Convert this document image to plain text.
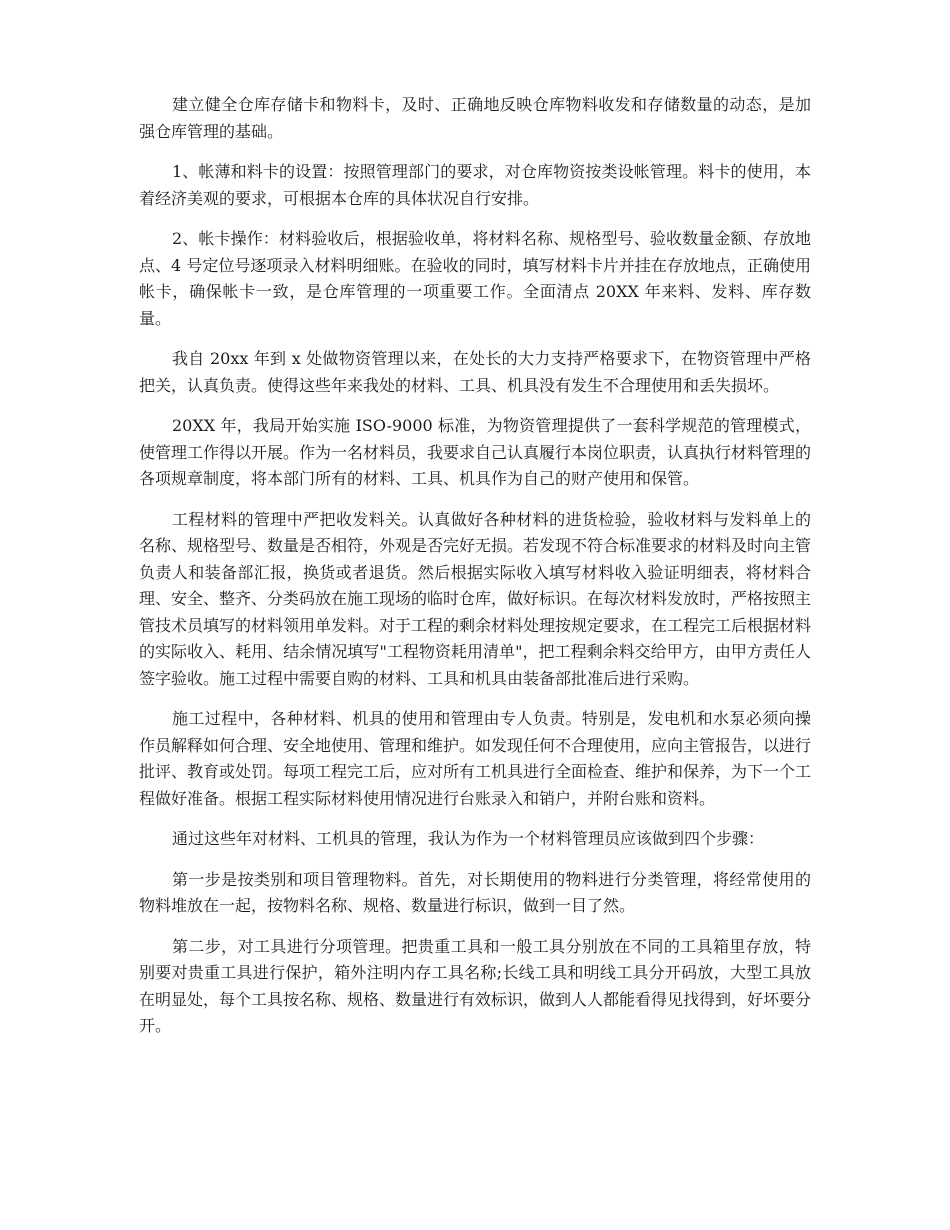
建立健全仓库存储卡和物料卡，及时、正确地反映仓库物料收发和存储数量的动态，是加强仓库管理的基础。

1、帐薄和料卡的设置：按照管理部门的要求，对仓库物资按类设帐管理。料卡的使用，本着经济美观的要求，可根据本仓库的具体状况自行安排。

2、帐卡操作：材料验收后，根据验收单，将材料名称、规格型号、验收数量金额、存放地点、4 号定位号逐项录入材料明细账。在验收的同时，填写材料卡片并挂在存放地点，正确使用帐卡，确保帐卡一致，是仓库管理的一项重要工作。全面清点 20XX 年来料、发料、库存数量。

我自 20xx 年到 x 处做物资管理以来，在处长的大力支持严格要求下，在物资管理中严格把关，认真负责。使得这些年来我处的材料、工具、机具没有发生不合理使用和丢失损坏。

20XX 年，我局开始实施 ISO-9000 标准，为物资管理提供了一套科学规范的管理模式，使管理工作得以开展。作为一名材料员，我要求自己认真履行本岗位职责，认真执行材料管理的各项规章制度，将本部门所有的材料、工具、机具作为自己的财产使用和保管。

工程材料的管理中严把收发料关。认真做好各种材料的进货检验，验收材料与发料单上的名称、规格型号、数量是否相符，外观是否完好无损。若发现不符合标准要求的材料及时向主管负责人和装备部汇报，换货或者退货。然后根据实际收入填写材料收入验证明细表，将材料合理、安全、整齐、分类码放在施工现场的临时仓库，做好标识。在每次材料发放时，严格按照主管技术员填写的材料领用单发料。对于工程的剩余材料处理按规定要求，在工程完工后根据材料的实际收入、耗用、结余情况填写"工程物资耗用清单"，把工程剩余料交给甲方，由甲方责任人签字验收。施工过程中需要自购的材料、工具和机具由装备部批准后进行采购。

施工过程中，各种材料、机具的使用和管理由专人负责。特别是，发电机和水泵必须向操作员解释如何合理、安全地使用、管理和维护。如发现任何不合理使用，应向主管报告，以进行批评、教育或处罚。每项工程完工后，应对所有工机具进行全面检查、维护和保养，为下一个工程做好准备。根据工程实际材料使用情况进行台账录入和销户，并附台账和资料。

通过这些年对材料、工机具的管理，我认为作为一个材料管理员应该做到四个步骤：

第一步是按类别和项目管理物料。首先，对长期使用的物料进行分类管理，将经常使用的物料堆放在一起，按物料名称、规格、数量进行标识，做到一目了然。

第二步，对工具进行分项管理。把贵重工具和一般工具分别放在不同的工具箱里存放，特别要对贵重工具进行保护，箱外注明内存工具名称;长线工具和明线工具分开码放，大型工具放在明显处，每个工具按名称、规格、数量进行有效标识，做到人人都能看得见找得到，好坏要分开。
